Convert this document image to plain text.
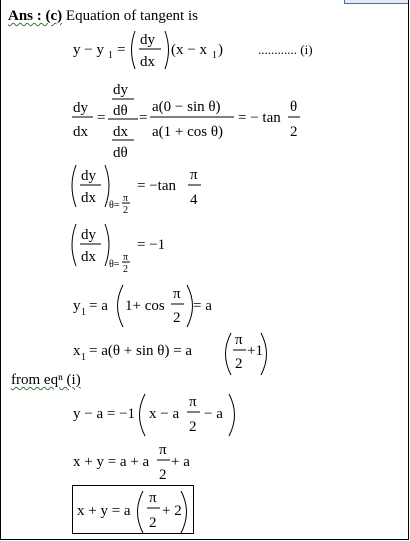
Ans : (c) Equation of tangent is
from eqⁿ (i)
y − y 1 =
dy
dx
(x − x 1 )	............ (i)
dy
dx
=
dy
dθ
dx
dθ
=
a(0 − sin θ)
a(1 + cos θ)
= − tan
θ
2
dy
dx θ=
π
2
= −tan
π
4
dy
dx θ=
π
2
= −1
y 1 = a 1+ cos
π
2
= a
x 1 = a(θ + sin θ) = a
π
2
+1
y − a = −1 x − a
π
2
− a
x + y = a + a
π
2
+ a
x + y = a
π
2
+ 2
